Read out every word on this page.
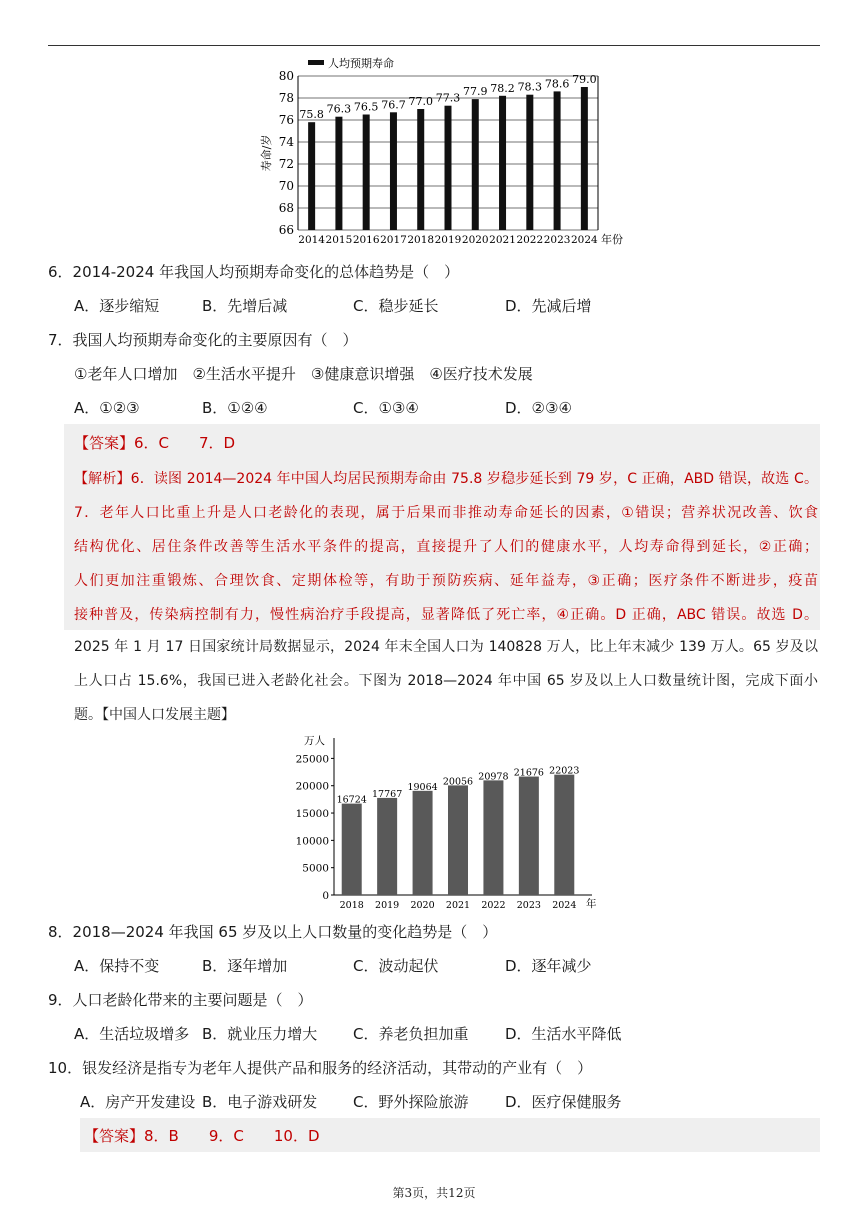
66
68
70
72
74
76
78
80
75.8
2014
76.3
2015
76.5
2016
76.7
2017
77.0
2018
77.3
2019
77.9
2020
78.2
2021
78.3
2022
78.6
2023
79.0
2024 年份
人均预期寿命
寿命/岁
6．2014-2024 年我国人均预期寿命变化的总体趋势是（　）
A．逐步缩短	B．先增后减	C．稳步延长	D．先减后增
7．我国人均预期寿命变化的主要原因有（　）
①老年人口增加　②生活水平提升　③健康意识增强　④医疗技术发展
A．①②③	B．①②④	C．①③④	D．②③④
【答案】6．C　　7．D
【解析】6．读图 2014—2024 年中国人均居民预期寿命由 75.8 岁稳步延长到 79 岁，C 正确，ABD 错误，故选 C。
7．老年人口比重上升是人口老龄化的表现，属于后果而非推动寿命延长的因素，①错误；营养状况改善、饮食
结构优化、居住条件改善等生活水平条件的提高，直接提升了人们的健康水平，人均寿命得到延长，②正确；
人们更加注重锻炼、合理饮食、定期体检等，有助于预防疾病、延年益寿，③正确；医疗条件不断进步，疫苗
接种普及，传染病控制有力，慢性病治疗手段提高，显著降低了死亡率，④正确。D 正确，ABC 错误。故选 D。
2025 年 1 月 17 日国家统计局数据显示，2024 年末全国人口为 140828 万人，比上年末减少 139 万人。65 岁及以
上人口占 15.6%，我国已进入老龄化社会。下图为 2018—2024 年中国 65 岁及以上人口数量统计图，完成下面小
题。【中国人口发展主题】
0
5000
10000
15000
20000
25000
万人
16724
2018
17767
2019
19064
2020
20056
2021
20978
2022
21676
2023
22023
2024 年
8．2018—2024 年我国 65 岁及以上人口数量的变化趋势是（　）
A．保持不变	B．逐年增加	C．波动起伏	D．逐年减少
9．人口老龄化带来的主要问题是（　）
A．生活垃圾增多 B．就业压力增大 C．养老负担加重 D．生活水平降低
10．银发经济是指专为老年人提供产品和服务的经济活动，其带动的产业有（　）
A．房产开发建设 B．电子游戏研发 C．野外探险旅游 D．医疗保健服务
【答案】8．B　　9．C　　10．D
第3页，共12页
